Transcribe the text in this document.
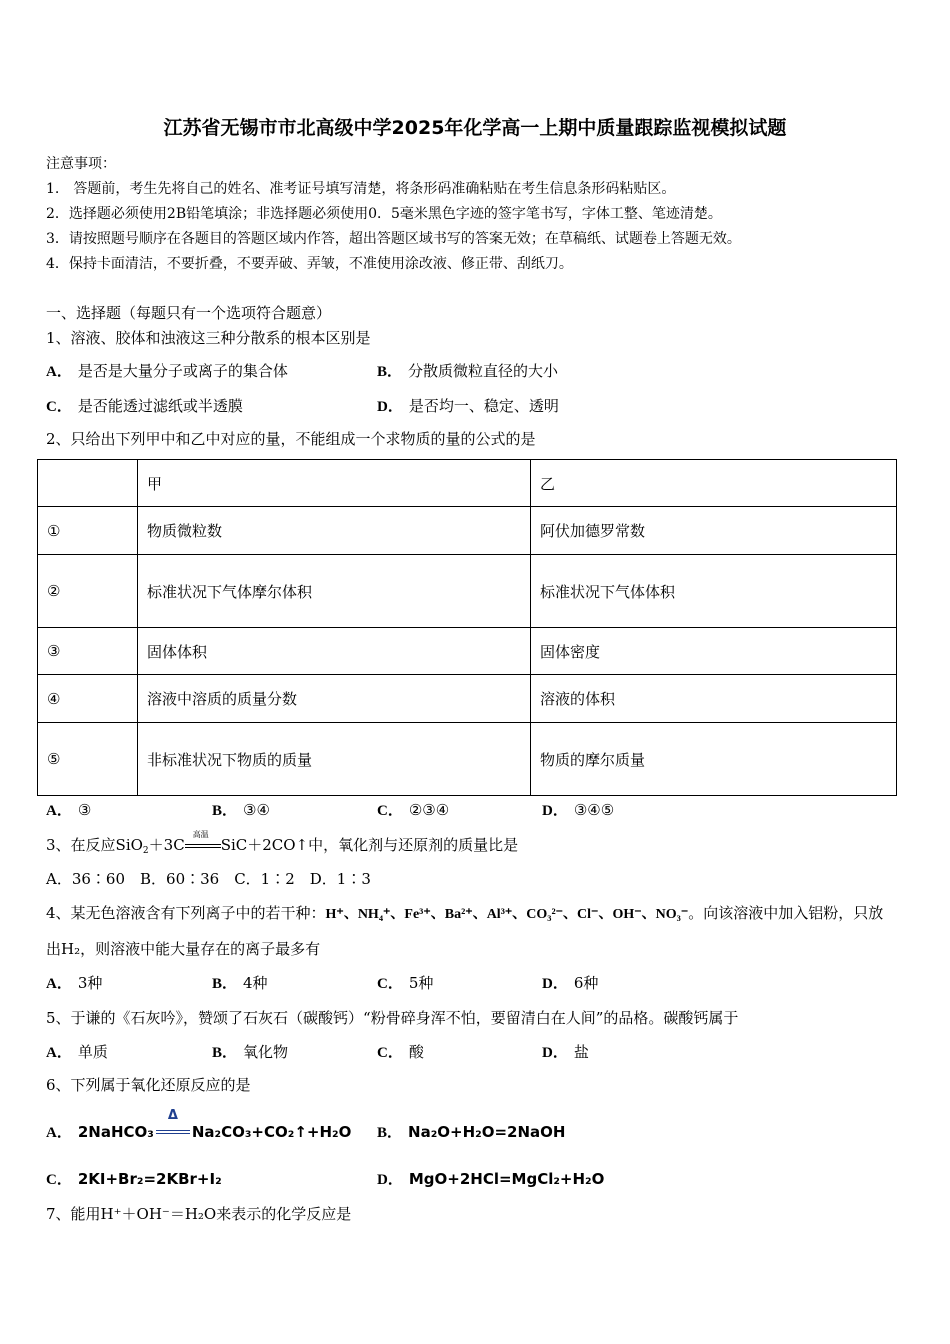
江苏省无锡市市北高级中学2025年化学高一上期中质量跟踪监视模拟试题
注意事项：
1.　答题前，考生先将自己的姓名、准考证号填写清楚，将条形码准确粘贴在考生信息条形码粘贴区。
2．选择题必须使用2B铅笔填涂；非选择题必须使用0．5毫米黑色字迹的签字笔书写，字体工整、笔迹清楚。
3．请按照题号顺序在各题目的答题区域内作答，超出答题区域书写的答案无效；在草稿纸、试题卷上答题无效。
4．保持卡面清洁，不要折叠，不要弄破、弄皱，不准使用涂改液、修正带、刮纸刀。
一、选择题（每题只有一个选项符合题意）
1、溶液、胶体和浊液这三种分散系的根本区别是
A． 是否是大量分子或离子的集合体	B． 分散质微粒直径的大小
C． 是否能透过滤纸或半透膜	D． 是否均一、稳定、透明
2、只给出下列甲中和乙中对应的量，不能组成一个求物质的量的公式的是
	甲	乙
①	物质微粒数	阿伏加德罗常数
②	标准状况下气体摩尔体积	标准状况下气体体积
③	固体体积	固体密度
④	溶液中溶质的质量分数	溶液的体积
⑤	非标准状况下物质的质量	物质的摩尔质量
A． ③	B． ③④	C． ②③④	D． ③④⑤
3、在反应SiO$_2$＋3C
高温
SiC＋2CO↑中，氧化剂与还原剂的质量比是
A．36∶60　B．60∶36　C．1∶2　D．1∶3
4、某无色溶液含有下列离子中的若干种：H⁺、NH₄⁺、Fe³⁺、Ba²⁺、Al³⁺、CO₃²⁻、Cl⁻、OH⁻、NO₃⁻。向该溶液中加入铝粉，只放
出H₂，则溶液中能大量存在的离子最多有
A． 3种	B． 4种	C． 5种	D． 6种
5、于谦的《石灰吟》，赞颂了石灰石（碳酸钙）“粉骨碎身浑不怕，要留清白在人间”的品格。碳酸钙属于
A． 单质	B． 氧化物	C． 酸	D． 盐
6、下列属于氧化还原反应的是
A． 2NaHCO₃
Δ
Na₂CO₃+CO₂↑+H₂O B． Na₂O+H₂O=2NaOH
C． 2KI+Br₂=2KBr+I₂	D． MgO+2HCl=MgCl₂+H₂O
7、能用H⁺＋OH⁻＝H₂O来表示的化学反应是
